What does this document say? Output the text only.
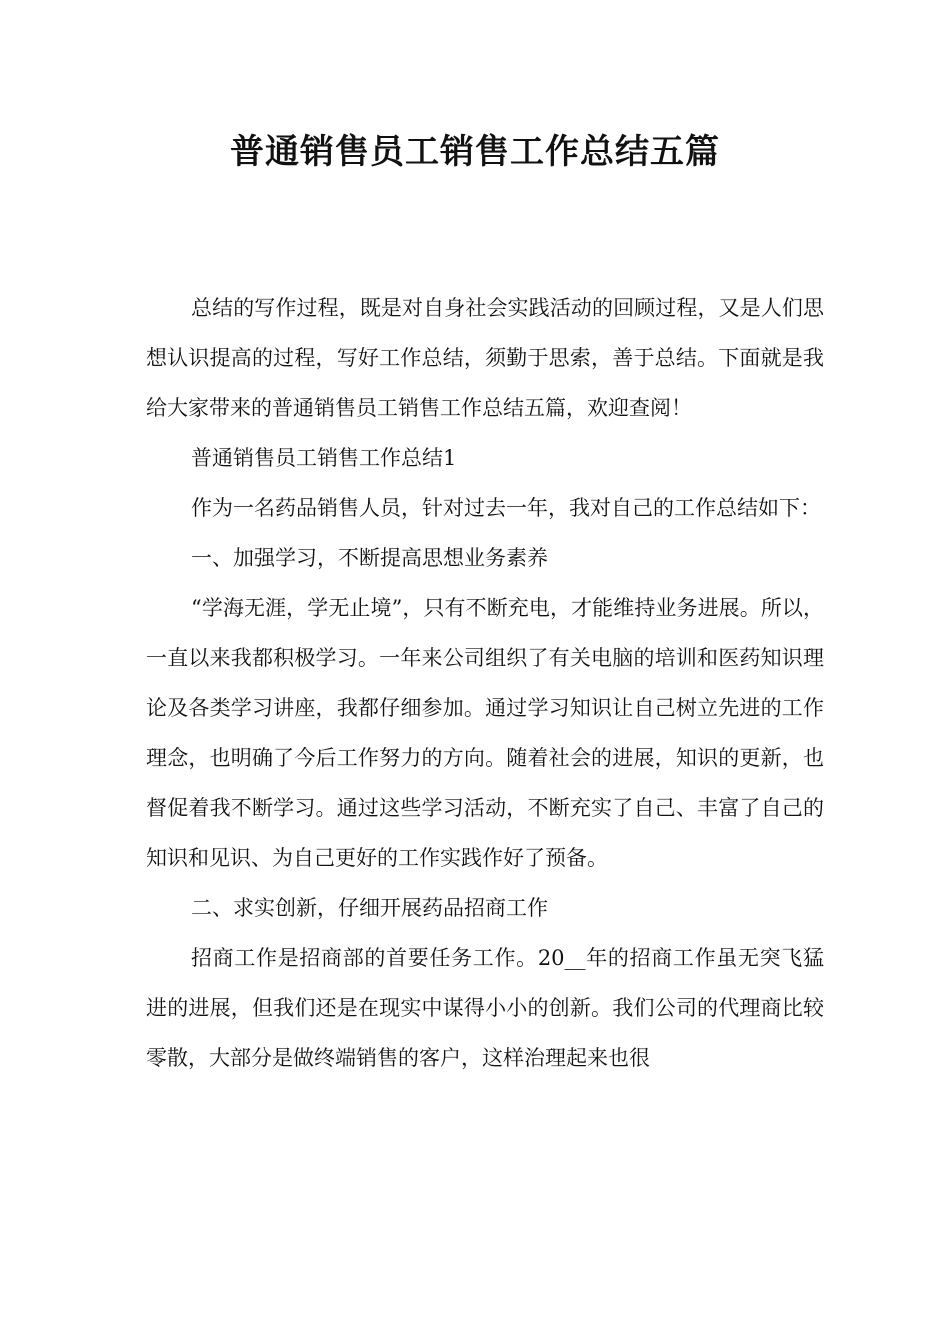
普通销售员工销售工作总结五篇

总结的写作过程，既是对自身社会实践活动的回顾过程，又是人们思想认识提高的过程，写好工作总结，须勤于思索，善于总结。下面就是我给大家带来的普通销售员工销售工作总结五篇，欢迎查阅！

普通销售员工销售工作总结1

作为一名药品销售人员，针对过去一年，我对自己的工作总结如下：

一、加强学习，不断提高思想业务素养

“学海无涯，学无止境”，只有不断充电，才能维持业务进展。所以，一直以来我都积极学习。一年来公司组织了有关电脑的培训和医药知识理论及各类学习讲座，我都仔细参加。通过学习知识让自己树立先进的工作理念，也明确了今后工作努力的方向。随着社会的进展，知识的更新，也督促着我不断学习。通过这些学习活动，不断充实了自己、丰富了自己的知识和见识、为自己更好的工作实践作好了预备。

二、求实创新，仔细开展药品招商工作

招商工作是招商部的首要任务工作。20__年的招商工作虽无突飞猛进的进展，但我们还是在现实中谋得小小的创新。我们公司的代理商比较零散，大部分是做终端销售的客户，这样治理起来也很
